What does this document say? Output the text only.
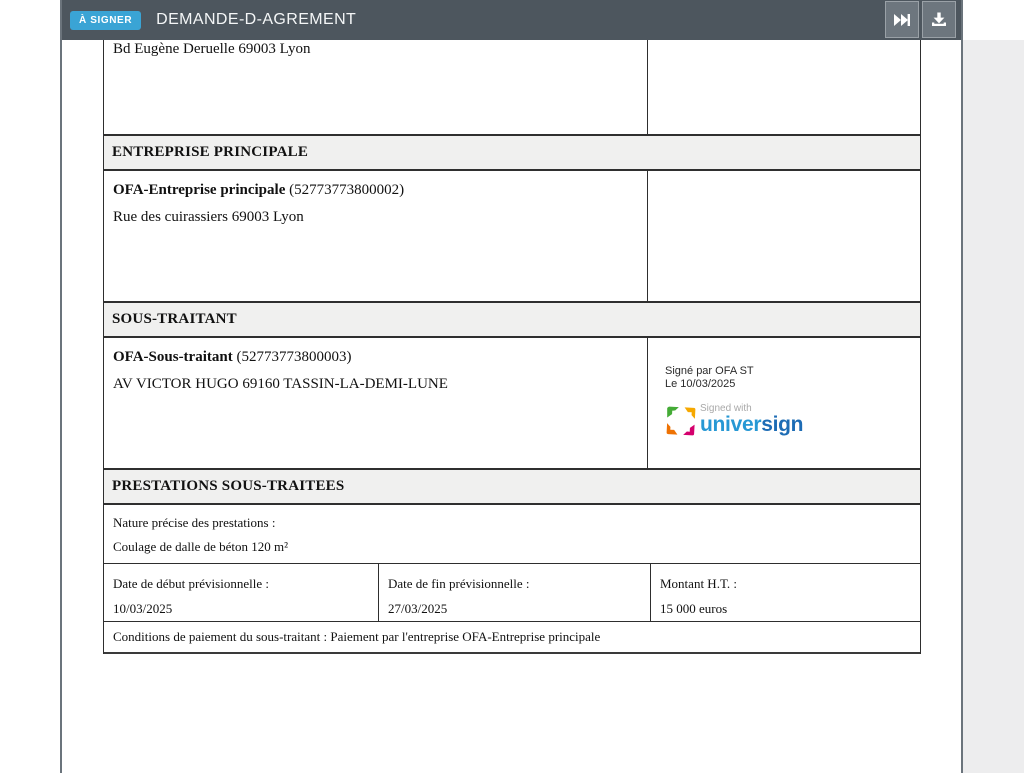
À SIGNER	DEMANDE-D-AGREMENT
Bd Eugène Deruelle 69003 Lyon
ENTREPRISE PRINCIPALE
OFA-Entreprise principale (52773773800002)
Rue des cuirassiers 69003 Lyon
SOUS-TRAITANT
OFA-Sous-traitant (52773773800003)
AV VICTOR HUGO 69160 TASSIN-LA-DEMI-LUNE
Signé par OFA ST
Le 10/03/2025
Signed with
universign
PRESTATIONS SOUS-TRAITEES
Nature précise des prestations :
Coulage de dalle de béton 120 m²
Date de début prévisionnelle :
10/03/2025
Date de fin prévisionnelle :
27/03/2025
Montant H.T. :
15 000 euros
Conditions de paiement du sous-traitant : Paiement par l'entreprise OFA-Entreprise principale
